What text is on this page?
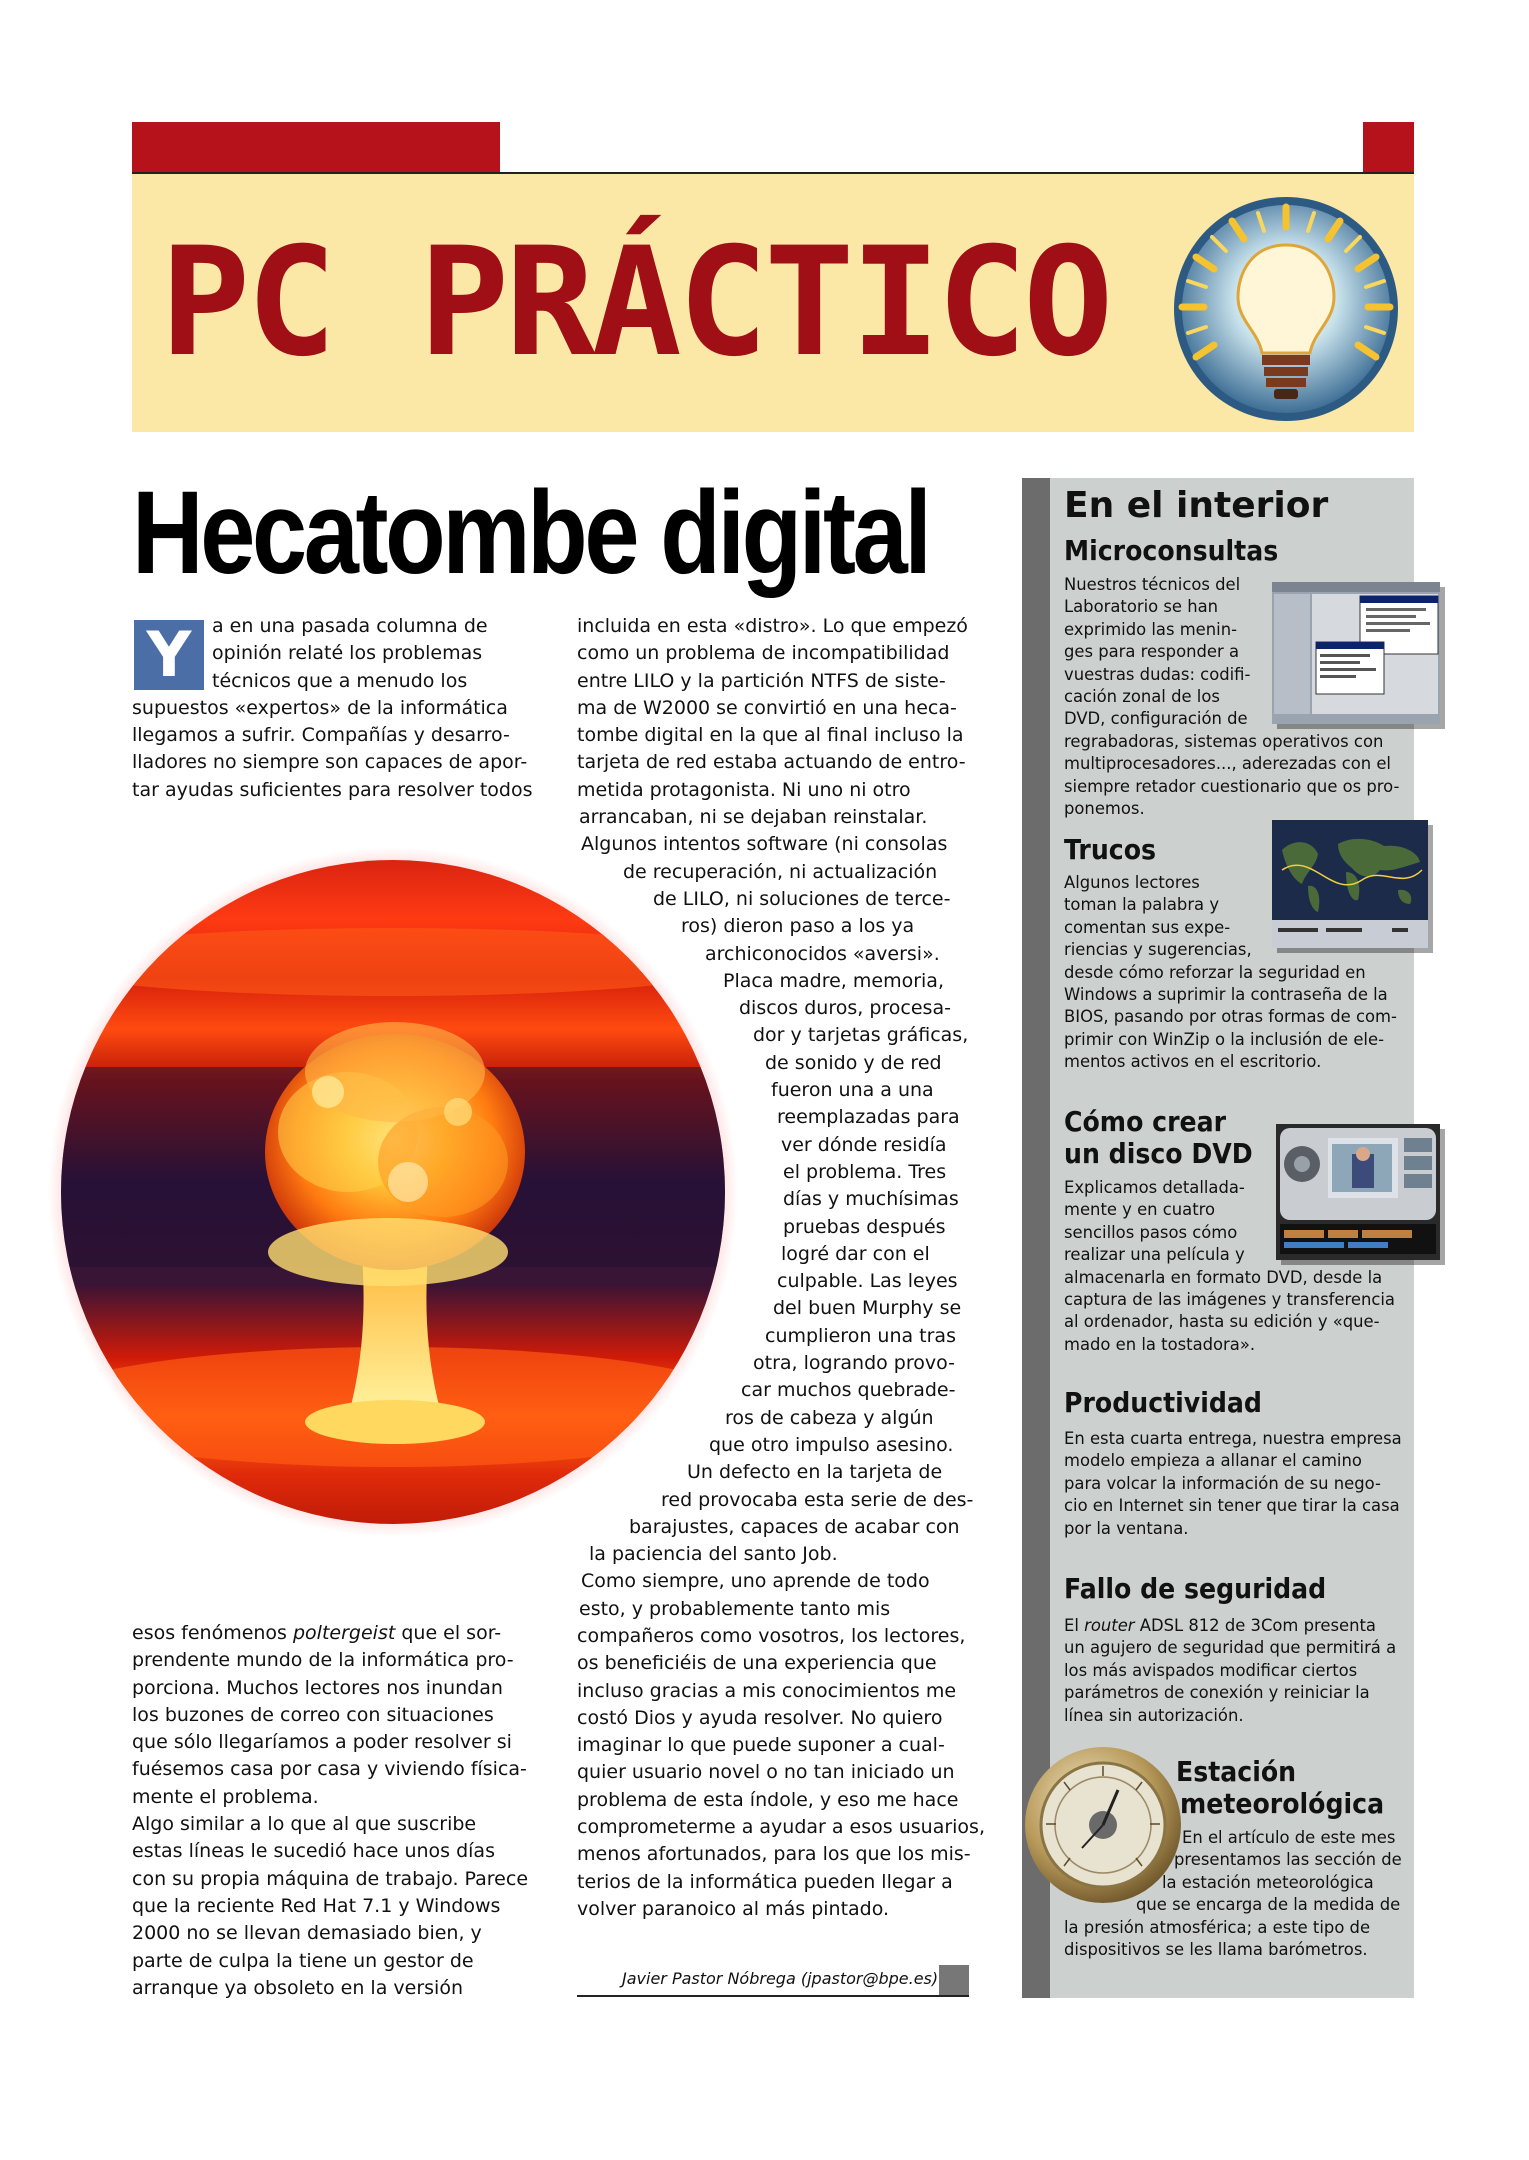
PC PRÁCTICO
Hecatombe digital
Y	a en una pasada columna de
opinión relaté los problemas
técnicos que a menudo los
supuestos «expertos» de la informática
llegamos a sufrir. Compañías y desarro-
lladores no siempre son capaces de apor-
tar ayudas suficientes para resolver todos
esos fenómenos poltergeist que el sor-
prendente mundo de la informática pro-
porciona. Muchos lectores nos inundan
los buzones de correo con situaciones
que sólo llegaríamos a poder resolver si
fuésemos casa por casa y viviendo física-
mente el problema.
Algo similar a lo que al que suscribe
estas líneas le sucedió hace unos días
con su propia máquina de trabajo. Parece
que la reciente Red Hat 7.1 y Windows
2000 no se llevan demasiado bien, y
parte de culpa la tiene un gestor de
arranque ya obsoleto en la versión
incluida en esta «distro». Lo que empezó
como un problema de incompatibilidad
entre LILO y la partición NTFS de siste-
ma de W2000 se convirtió en una heca-
tombe digital en la que al final incluso la
tarjeta de red estaba actuando de entro-
metida protagonista. Ni uno ni otro
arrancaban, ni se dejaban reinstalar.
Algunos intentos software (ni consolas
de recuperación, ni actualización
de LILO, ni soluciones de terce-
ros) dieron paso a los ya
archiconocidos «aversi».
Placa madre, memoria,
discos duros, procesa-
dor y tarjetas gráficas,
de sonido y de red
fueron una a una
reemplazadas para
ver dónde residía
el problema. Tres
días y muchísimas
pruebas después
logré dar con el
culpable. Las leyes
del buen Murphy se
cumplieron una tras
otra, logrando provo-
car muchos quebrade-
ros de cabeza y algún
que otro impulso asesino.
Un defecto en la tarjeta de
red provocaba esta serie de des-
barajustes, capaces de acabar con
la paciencia del santo Job.
Como siempre, uno aprende de todo
esto, y probablemente tanto mis
compañeros como vosotros, los lectores,
os beneficiéis de una experiencia que
incluso gracias a mis conocimientos me
costó Dios y ayuda resolver. No quiero
imaginar lo que puede suponer a cual-
quier usuario novel o no tan iniciado un
problema de esta índole, y eso me hace
comprometerme a ayudar a esos usuarios,
menos afortunados, para los que los mis-
terios de la informática pueden llegar a
volver paranoico al más pintado.
Javier Pastor Nóbrega (jpastor@bpe.es)
En el interior
Microconsultas
Nuestros técnicos del
Laboratorio se han
exprimido las menin-
ges para responder a
vuestras dudas: codifi-
cación zonal de los
DVD, configuración de
regrabadoras, sistemas operativos con
multiprocesadores..., aderezadas con el
siempre retador cuestionario que os pro-
ponemos.
Trucos
Algunos lectores
toman la palabra y
comentan sus expe-
riencias y sugerencias,
desde cómo reforzar la seguridad en
Windows a suprimir la contraseña de la
BIOS, pasando por otras formas de com-
primir con WinZip o la inclusión de ele-
mentos activos en el escritorio.
Cómo crear
un disco DVD
Explicamos detallada-
mente y en cuatro
sencillos pasos cómo
realizar una película y
almacenarla en formato DVD, desde la
captura de las imágenes y transferencia
al ordenador, hasta su edición y «que-
mado en la tostadora».
Productividad
En esta cuarta entrega, nuestra empresa
modelo empieza a allanar el camino
para volcar la información de su nego-
cio en Internet sin tener que tirar la casa
por la ventana.
Fallo de seguridad
El router ADSL 812 de 3Com presenta
un agujero de seguridad que permitirá a
los más avispados modificar ciertos
parámetros de conexión y reiniciar la
línea sin autorización.
Estación
meteorológica
En el artículo de este mes
presentamos las sección de
la estación meteorológica
que se encarga de la medida de
la presión atmosférica; a este tipo de
dispositivos se les llama barómetros.
